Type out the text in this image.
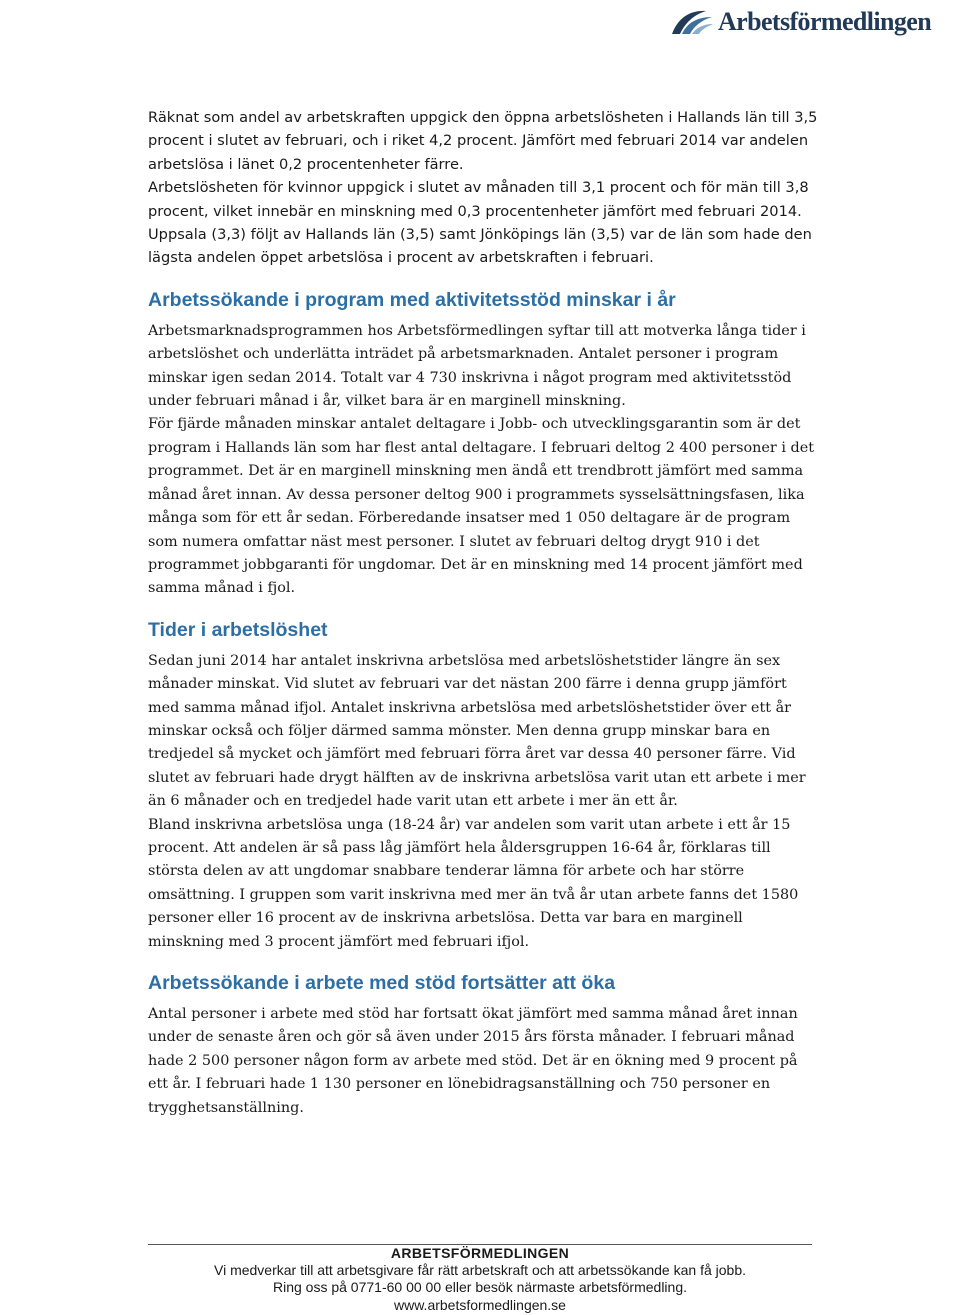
Arbetsförmedlingen

Räknat som andel av arbetskraften uppgick den öppna arbetslösheten i Hallands län till 3,5 procent i slutet av februari, och i riket 4,2 procent. Jämfört med februari 2014 var andelen arbetslösa i länet 0,2 procentenheter färre.

Arbetslösheten för kvinnor uppgick i slutet av månaden till 3,1 procent och för män till 3,8 procent, vilket innebär en minskning med 0,3 procentenheter jämfört med februari 2014.

Uppsala (3,3) följt av Hallands län (3,5) samt Jönköpings län (3,5) var de län som hade den lägsta andelen öppet arbetslösa i procent av arbetskraften i februari.

Arbetssökande i program med aktivitetsstöd minskar i år

Arbetsmarknadsprogrammen hos Arbetsförmedlingen syftar till att motverka långa tider i arbetslöshet och underlätta inträdet på arbetsmarknaden. Antalet personer i program minskar igen sedan 2014. Totalt var 4 730 inskrivna i något program med aktivitetsstöd under februari månad i år, vilket bara är en marginell minskning.

För fjärde månaden minskar antalet deltagare i Jobb- och utvecklingsgarantin som är det program i Hallands län som har flest antal deltagare. I februari deltog 2 400 personer i det programmet. Det är en marginell minskning men ändå ett trendbrott jämfört med samma månad året innan. Av dessa personer deltog 900 i programmets sysselsättningsfasen, lika många som för ett år sedan. Förberedande insatser med 1 050 deltagare är de program som numera omfattar näst mest personer. I slutet av februari deltog drygt 910 i det programmet jobbgaranti för ungdomar. Det är en minskning med 14 procent jämfört med samma månad i fjol.

Tider i arbetslöshet

Sedan juni 2014 har antalet inskrivna arbetslösa med arbetslöshetstider längre än sex månader minskat. Vid slutet av februari var det nästan 200 färre i denna grupp jämfört med samma månad ifjol. Antalet inskrivna arbetslösa med arbetslöshetstider över ett år minskar också och följer därmed samma mönster. Men denna grupp minskar bara en tredjedel så mycket och jämfört med februari förra året var dessa 40 personer färre. Vid slutet av februari hade drygt hälften av de inskrivna arbetslösa varit utan ett arbete i mer än 6 månader och en tredjedel hade varit utan ett arbete i mer än ett år.

Bland inskrivna arbetslösa unga (18-24 år) var andelen som varit utan arbete i ett år 15 procent. Att andelen är så pass låg jämfört hela åldersgruppen 16-64 år, förklaras till största delen av att ungdomar snabbare tenderar lämna för arbete och har större omsättning. I gruppen som varit inskrivna med mer än två år utan arbete fanns det 1580 personer eller 16 procent av de inskrivna arbetslösa. Detta var bara en marginell minskning med 3 procent jämfört med februari ifjol.

Arbetssökande i arbete med stöd fortsätter att öka

Antal personer i arbete med stöd har fortsatt ökat jämfört med samma månad året innan under de senaste åren och gör så även under 2015 års första månader. I februari månad hade 2 500 personer någon form av arbete med stöd. Det är en ökning med 9 procent på ett år. I februari hade 1 130 personer en lönebidragsanställning och 750 personer en trygghetsanställning.

ARBETSFÖRMEDLINGEN
Vi medverkar till att arbetsgivare får rätt arbetskraft och att arbetssökande kan få jobb.
Ring oss på 0771-60 00 00 eller besök närmaste arbetsförmedling.
www.arbetsformedlingen.se
